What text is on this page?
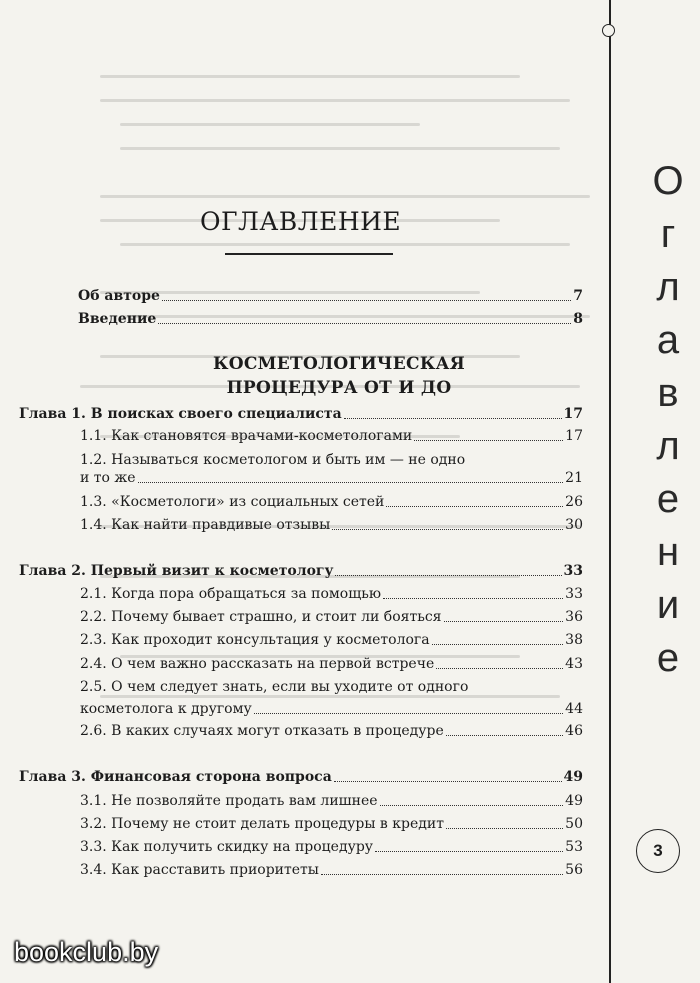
О
г
л
а
в
л
е
н
и
е
3
ОГЛАВЛЕНИЕ
Об авторе	7
Введение	8
КОСМЕТОЛОГИЧЕСКАЯ
ПРОЦЕДУРА ОТ И ДО
Глава 1. В поисках своего специалиста	17
1.1. Как становятся врачами-косметологами	17
1.2. Называться косметологом и быть им — не одно
и то же	21
1.3. «Косметологи» из социальных сетей	26
1.4. Как найти правдивые отзывы	30
Глава 2. Первый визит к косметологу	33
2.1. Когда пора обращаться за помощью	33
2.2. Почему бывает страшно, и стоит ли бояться	36
2.3. Как проходит консультация у косметолога	38
2.4. О чем важно рассказать на первой встрече	43
2.5. О чем следует знать, если вы уходите от одного
косметолога к другому	44
2.6. В каких случаях могут отказать в процедуре	46
Глава 3. Финансовая сторона вопроса	49
3.1. Не позволяйте продать вам лишнее	49
3.2. Почему не стоит делать процедуры в кредит	50
3.3. Как получить скидку на процедуру	53
3.4. Как расставить приоритеты	56
bookclub.by
